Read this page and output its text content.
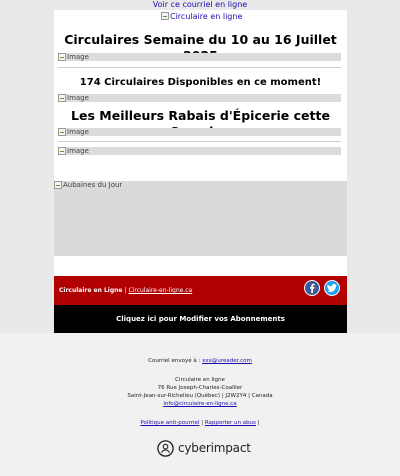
Voir ce courriel en ligne
Circulaire en ligne
Circulaires Semaine du 10 au 16 Juillet
Image
174 Circulaires Disponibles en ce moment!
Image
Les Meilleurs Rabais d'Épicerie cette
Image
Image
Aubaines du Jour
Circulaire en Ligne | Circulaire-en-ligne.ca
Cliquez ici pour Modifier vos Abonnements
Courriel envoyé à : xxx@ureader.com
Circulaire en ligne
76 Rue Joseph-Charles-Coallier
Saint-Jean-sur-Richelieu (Québec) | J2W2Y4 | Canada
info@circulaire-en-ligne.ca
Politique anti-pourriel | Rapporter un abus |
cyberimpact
